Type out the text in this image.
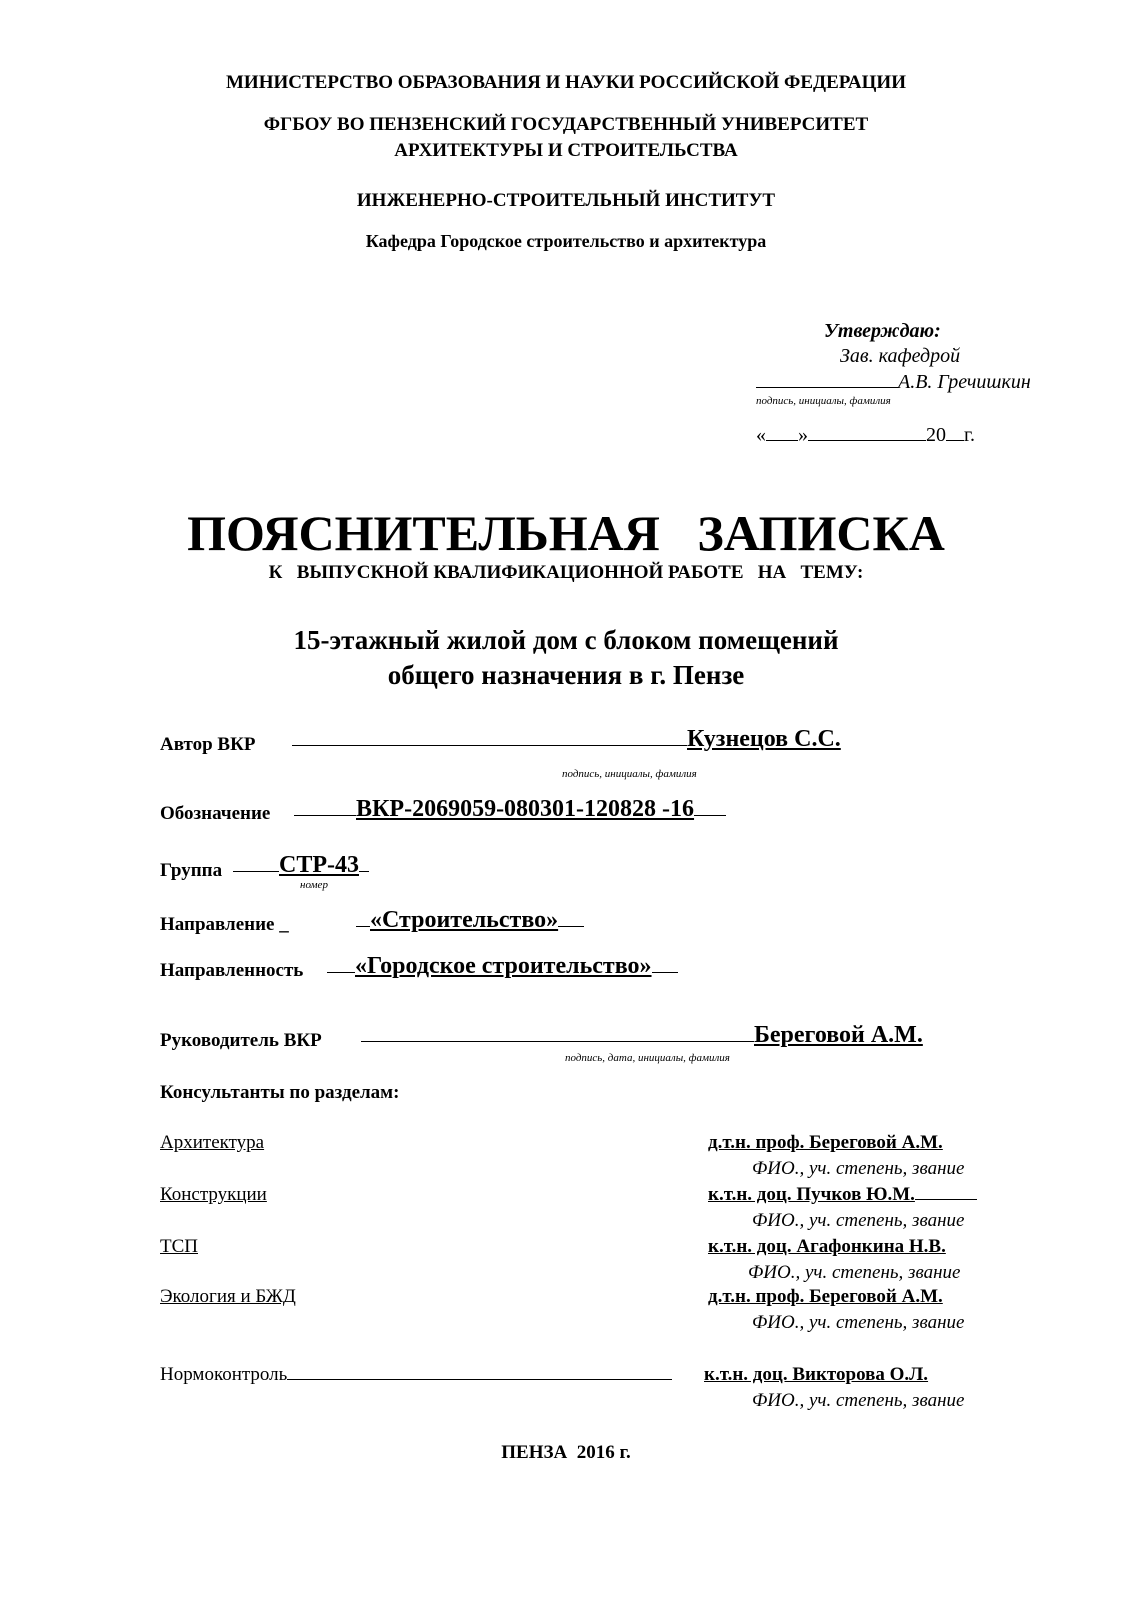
МИНИСТЕРСТВО ОБРАЗОВАНИЯ И НАУКИ РОССИЙСКОЙ ФЕДЕРАЦИИ
ФГБОУ ВО ПЕНЗЕНСКИЙ ГОСУДАРСТВЕННЫЙ УНИВЕРСИТЕТ
АРХИТЕКТУРЫ И СТРОИТЕЛЬСТВА
ИНЖЕНЕРНО-СТРОИТЕЛЬНЫЙ ИНСТИТУТ
Кафедра Городское строительство и архитектура
Утверждаю:
Зав. кафедрой
А.В. Гречишкин
подпись, инициалы, фамилия
« »	20 г.
ПОЯСНИТЕЛЬНАЯ   ЗАПИСКА
К   ВЫПУСКНОЙ КВАЛИФИКАЦИОННОЙ РАБОТЕ   НА   ТЕМУ:
15-этажный жилой дом с блоком помещений
общего назначения в г. Пензе
Автор ВКР	Кузнецов С.С.
подпись, инициалы, фамилия
Обозначение	ВКР-2069059-080301-120828 -16
Группа	СТР-43
номер
Направление _	«Строительство»
Направленность	«Городское строительство»
Руководитель ВКР	Береговой А.М.
подпись, дата, инициалы, фамилия
Консультанты по разделам:
Архитектура	д.т.н. проф. Береговой А.М.
ФИО., уч. степень, звание
Конструкции	к.т.н. доц. Пучков Ю.М.
ФИО., уч. степень, звание
ТСП	к.т.н. доц. Агафонкина Н.В.
ФИО., уч. степень, звание
Экология и БЖД	д.т.н. проф. Береговой А.М.
ФИО., уч. степень, звание
Нормоконтроль	к.т.н. доц. Викторова О.Л.
ФИО., уч. степень, звание
ПЕНЗА  2016 г.
